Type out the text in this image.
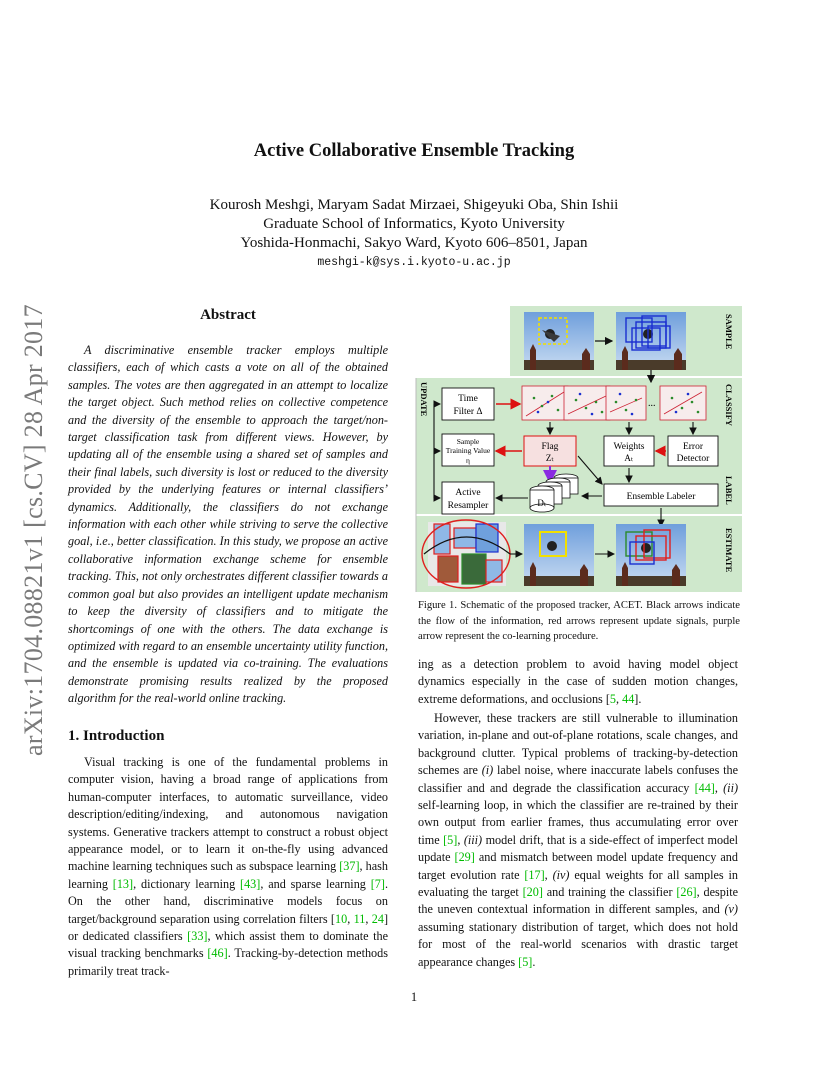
arXiv:1704.08821v1 [cs.CV] 28 Apr 2017
Active Collaborative Ensemble Tracking
Kourosh Meshgi, Maryam Sadat Mirzaei, Shigeyuki Oba, Shin Ishii
Graduate School of Informatics, Kyoto University
Yoshida-Honmachi, Sakyo Ward, Kyoto 606–8501, Japan
meshgi-k@sys.i.kyoto-u.ac.jp
Abstract
A discriminative ensemble tracker employs multiple classifiers, each of which casts a vote on all of the obtained samples. The votes are then aggregated in an attempt to localize the target object. Such method relies on collective competence and the diversity of the ensemble to approach the target/non-target classification task from different views. However, by updating all of the ensemble using a shared set of samples and their final labels, such diversity is lost or reduced to the diversity provided by the underlying features or internal classifiers’ dynamics. Additionally, the classifiers do not exchange information with each other while striving to serve the collective goal, i.e., better classification. In this study, we propose an active collaborative information exchange scheme for ensemble tracking. This, not only orchestrates different classifier towards a common goal but also provides an intelligent update mechanism to keep the diversity of classifiers and to mitigate the shortcomings of one with the others. The data exchange is optimized with regard to an ensemble uncertainty utility function, and the ensemble is updated via co-training. The evaluations demonstrate promising results realized by the proposed algorithm for the real-world online tracking.
1. Introduction
Visual tracking is one of the fundamental problems in computer vision, having a broad range of applications from human-computer interfaces, to automatic surveillance, video description/editing/indexing, and autonomous navigation systems. Generative trackers attempt to construct a robust object appearance model, or to learn it on-the-fly using advanced machine learning techniques such as subspace learning [37], hash learning [13], dictionary learning [43], and sparse learning [7]. On the other hand, discriminative models focus on target/background separation using correlation filters [10, 11, 24] or dedicated classifiers [33], which assist them to dominate the visual tracking benchmarks [46]. Tracking-by-detection methods primarily treat track-
SAMPLE
CLASSIFY
LABEL
ESTIMATE
UPDATE	...
Time
Filter Δ
Sample
Training Value
η
Flag
Zₜ
Weights
Aₜ
Error
Detector
Dₜ
Ensemble Labeler
Active
Resampler
Figure 1. Schematic of the proposed tracker, ACET. Black arrows indicate the flow of the information, red arrows represent update signals, purple arrow represent the co-learning procedure.
ing as a detection problem to avoid having model object dynamics especially in the case of sudden motion changes, extreme deformations, and occlusions [5, 44].
However, these trackers are still vulnerable to illumination variation, in-plane and out-of-plane rotations, scale changes, and background clutter. Typical problems of tracking-by-detection schemes are (i) label noise, where inaccurate labels confuses the classifier and and degrade the classification accuracy [44], (ii) self-learning loop, in which the classifier are re-trained by their own output from earlier frames, thus accumulating error over time [5], (iii) model drift, that is a side-effect of imperfect model update [29] and mismatch between model update frequency and target evolution rate [17], (iv) equal weights for all samples in evaluating the target [20] and training the classifier [26], despite the uneven contextual information in different samples, and (v) assuming stationary distribution of target, which does not hold for most of the real-world scenarios with drastic target appearance changes [5].
1
